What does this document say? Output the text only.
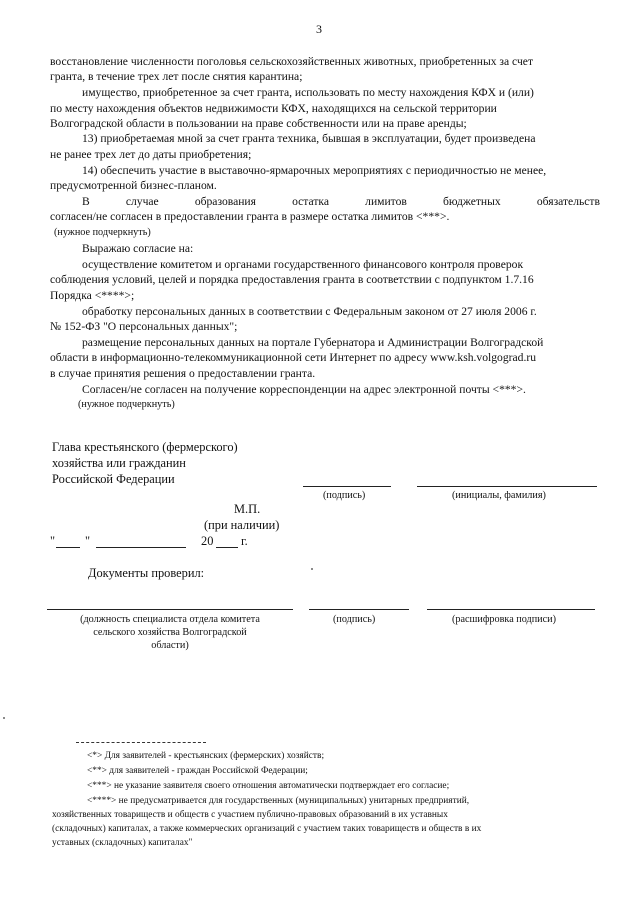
3
восстановление численности поголовья сельскохозяйственных животных, приобретенных за счет
гранта, в течение трех лет после снятия карантина;
имущество, приобретенное за счет гранта, использовать по месту нахождения КФХ и (или)
по месту нахождения объектов недвижимости КФХ, находящихся на сельской территории
Волгоградской области в пользовании на праве собственности или на праве аренды;
13) приобретаемая мной за счет гранта техника, бывшая в эксплуатации, будет произведена
не ранее трех лет до даты приобретения;
14) обеспечить участие в выставочно-ярмарочных мероприятиях с периодичностью не менее,
предусмотренной бизнес-планом.
В	случае	образования	остатка	лимитов	бюджетных	обязательств
согласен/не согласен в предоставлении гранта в размере остатка лимитов <***>.
(нужное подчеркнуть)
Выражаю согласие на:
осуществление комитетом и органами государственного финансового контроля проверок
соблюдения условий, целей и порядка предоставления гранта в соответствии с подпунктом 1.7.16
Порядка <****>;
обработку персональных данных в соответствии с Федеральным законом от 27 июля 2006 г.
№ 152-ФЗ "О персональных данных";
размещение персональных данных на портале Губернатора и Администрации Волгоградской
области в информационно-телекоммуникационной сети Интернет по адресу www.ksh.volgograd.ru
в случае принятия решения о предоставлении гранта.
Согласен/не согласен на получение корреспонденции на адрес электронной почты <***>.
(нужное подчеркнуть)
Глава крестьянского (фермерского)
хозяйства или гражданин
Российской Федерации
(подпись)	(инициалы, фамилия)
М.П.
(при наличии)
" "	20 г.
Документы проверил:
(должность специалиста отдела комитета
сельского хозяйства Волгоградской
области)
(подпись)	(расшифровка подписи)
<*> Для заявителей - крестьянских (фермерских) хозяйств;
<**> для заявителей - граждан Российской Федерации;
<***> не указание заявителя своего отношения автоматически подтверждает его согласие;
<****> не предусматривается для государственных (муниципальных) унитарных предприятий,
хозяйственных товариществ и обществ с участием публично-правовых образований в их уставных
(складочных) капиталах, а также коммерческих организаций с участием таких товариществ и обществ в их
уставных (складочных) капиталах"
